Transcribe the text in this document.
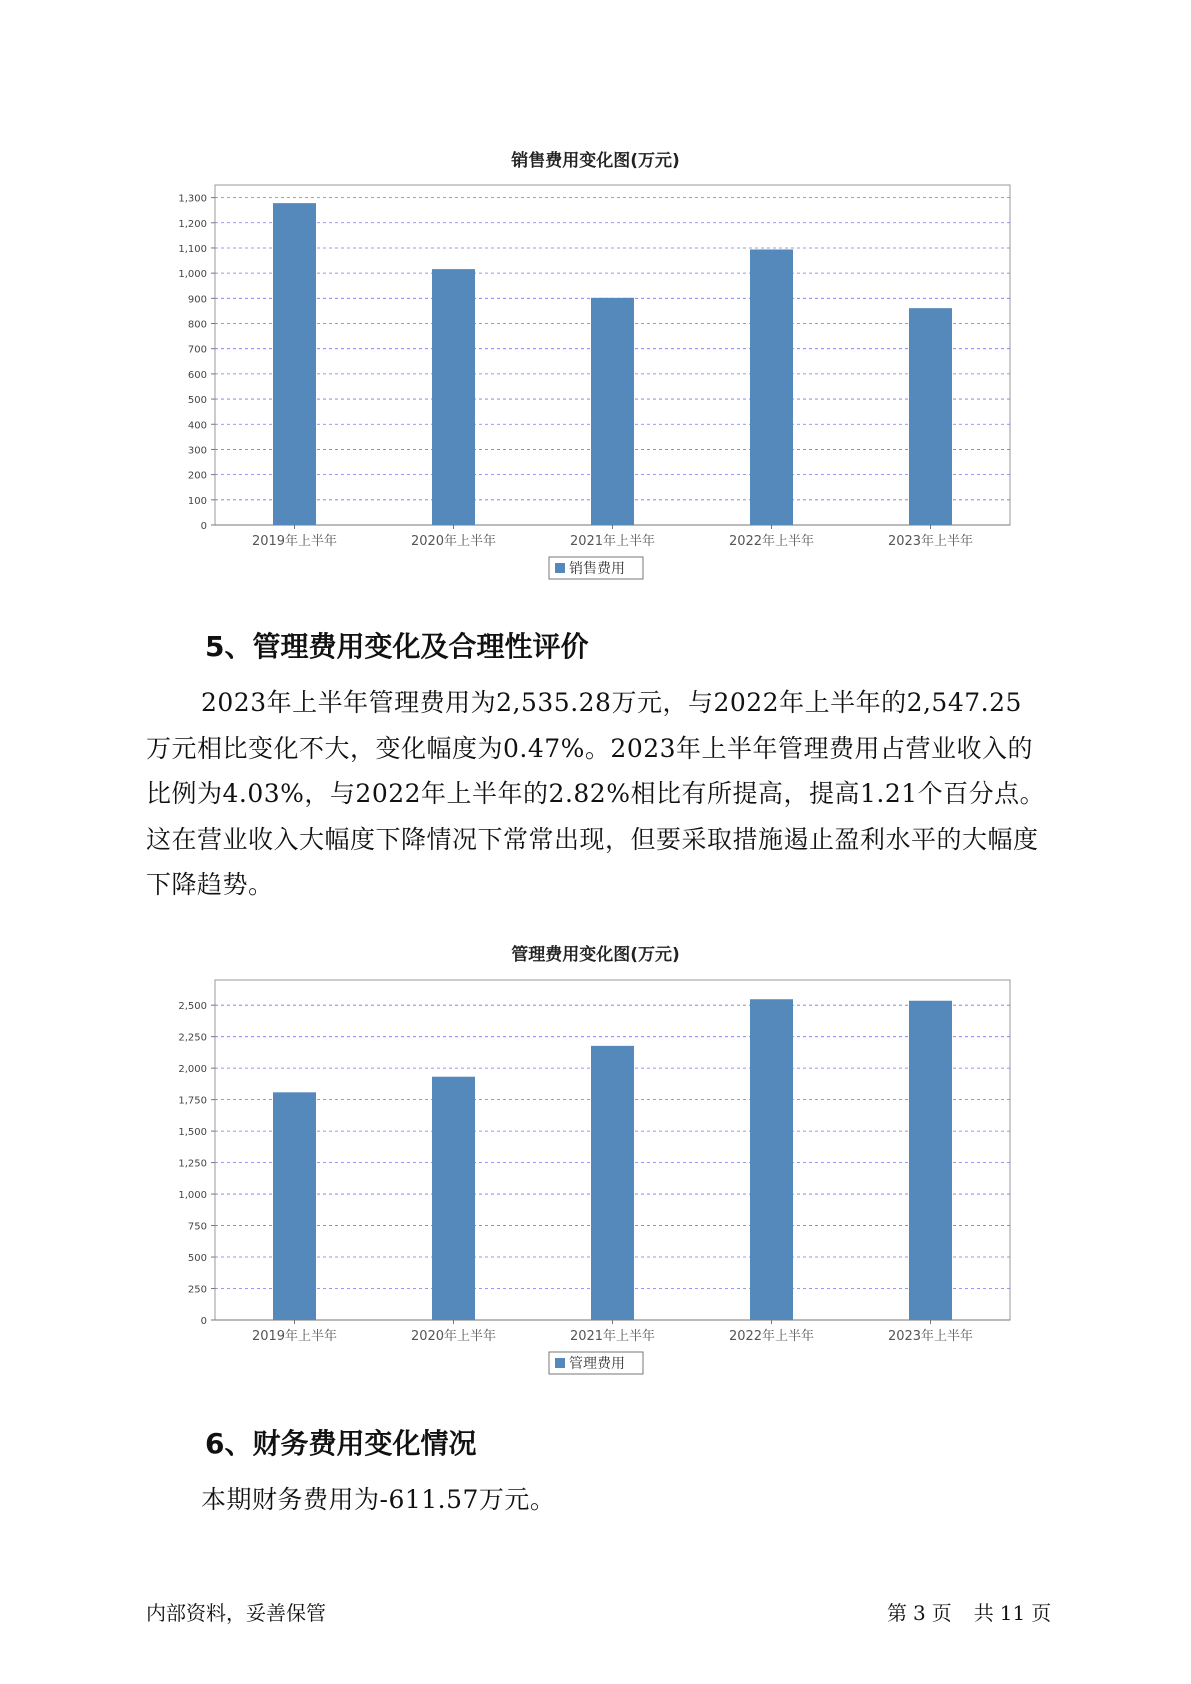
销售费用变化图(万元)
0
100
200
300
400
500
600
700
800
900
1,000
1,100
1,200
1,300
2019年上半年	2020年上半年	2021年上半年	2022年上半年	2023年上半年
销售费用
5、管理费用变化及合理性评价

2023年上半年管理费用为2,535.28万元，与2022年上半年的2,547.25万元相比变化不大，变化幅度为0.47%。2023年上半年管理费用占营业收入的比例为4.03%，与2022年上半年的2.82%相比有所提高，提高1.21个百分点。这在营业收入大幅度下降情况下常常出现，但要采取措施遏止盈利水平的大幅度下降趋势。

管理费用变化图(万元)
0
250
500
750
1,000
1,250
1,500
1,750
2,000
2,250
2,500
2019年上半年	2020年上半年	2021年上半年	2022年上半年	2023年上半年
管理费用
6、财务费用变化情况

本期财务费用为-611.57万元。

内部资料，妥善保管	第 3 页 共 11 页
